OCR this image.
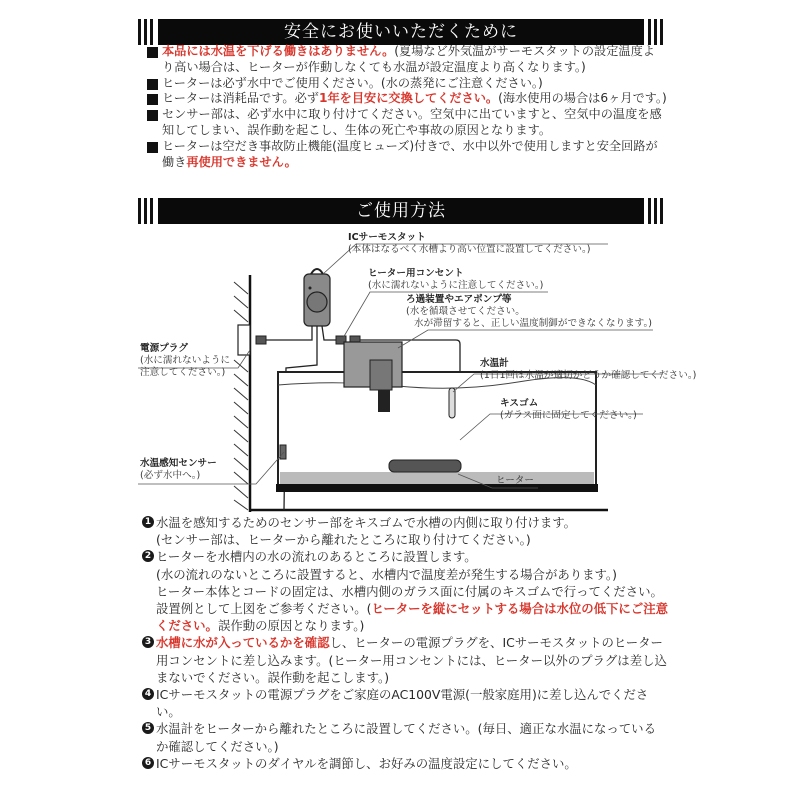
安全にお使いいただくために
本品には水温を下げる働きはありません。(夏場など外気温がサーモスタットの設定温度より高い場合は、ヒーターが作動しなくても水温が設定温度より高くなります。)
ヒーターは必ず水中でご使用ください。(水の蒸発にご注意ください。)
ヒーターは消耗品です。必ず1年を目安に交換してください。(海水使用の場合は6ヶ月です。)
センサー部は、必ず水中に取り付けてください。空気中に出ていますと、空気中の温度を感知してしまい、誤作動を起こし、生体の死亡や事故の原因となります。
ヒーターは空だき事故防止機能(温度ヒューズ)付きで、水中以外で使用しますと安全回路が働き再使用できません。
ご使用方法
ICサーモスタット
(本体はなるべく水槽より高い位置に設置してください。)
ヒーター用コンセント
(水に濡れないように注意してください。)
ろ過装置やエアポンプ等
(水を循環させてください。
水が滞留すると、正しい温度制御ができなくなります。)
電源プラグ
(水に濡れないように
注意してください。)
水温計
(1日1回は水温が適切かどうか確認してください。)
キスゴム
(ガラス面に固定してください。)
水温感知センサー
(必ず水中へ。)	ヒーター
1 水温を感知するためのセンサー部をキスゴムで水槽の内側に取り付けます。
(センサー部は、ヒーターから離れたところに取り付けてください。)
2 ヒーターを水槽内の水の流れのあるところに設置します。
(水の流れのないところに設置すると、水槽内で温度差が発生する場合があります。)
ヒーター本体とコードの固定は、水槽内側のガラス面に付属のキスゴムで行ってください。設置例として上図をご参考ください。(ヒーターを縦にセットする場合は水位の低下にご注意ください。誤作動の原因となります。)
3 水槽に水が入っているかを確認し、ヒーターの電源プラグを、ICサーモスタットのヒーター用コンセントに差し込みます。(ヒーター用コンセントには、ヒーター以外のプラグは差し込まないでください。誤作動を起こします。)
4 ICサーモスタットの電源プラグをご家庭のAC100V電源(一般家庭用)に差し込んでください。
5 水温計をヒーターから離れたところに設置してください。(毎日、適正な水温になっているか確認してください。)
6 ICサーモスタットのダイヤルを調節し、お好みの温度設定にしてください。
